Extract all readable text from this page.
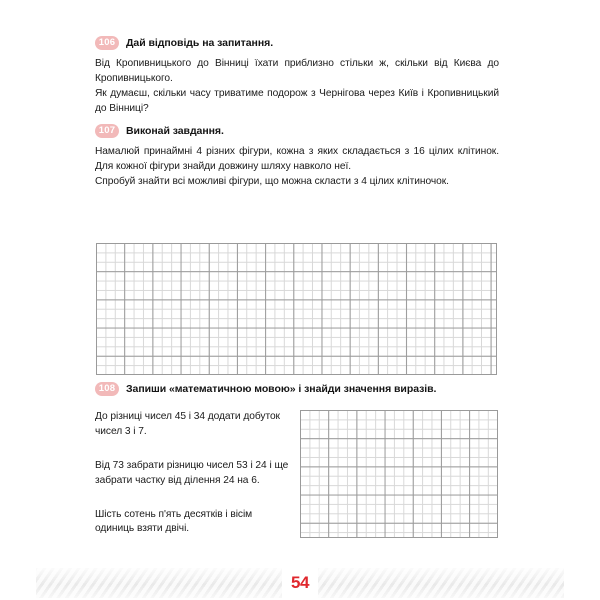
106	Дай відповідь на запитання.

Від Кропивницького до Вінниці їхати приблизно стільки ж, скільки від Києва до Кропивницького.

Як думаєш, скільки часу триватиме подорож з Чернігова через Київ і Кропивницький до Вінниці?

107	Виконай завдання.

Намалюй принаймні 4 різних фігури, кожна з яких складається з 16 цілих клітинок. Для кожної фігури знайди довжину шляху навколо неї.

Спробуй знайти всі можливі фігури, що можна скласти з 4 цілих клітиночок.

108	Запиши «математичною мовою» і знайди значення виразів.

До різниці чисел 45 і 34 додати добуток чисел 3 і 7.

Від 73 забрати різницю чисел 53 і 24 і ще забрати частку від ділення 24 на 6.

Шість сотень п'ять десятків і вісім одиниць взяти двічі.

54
